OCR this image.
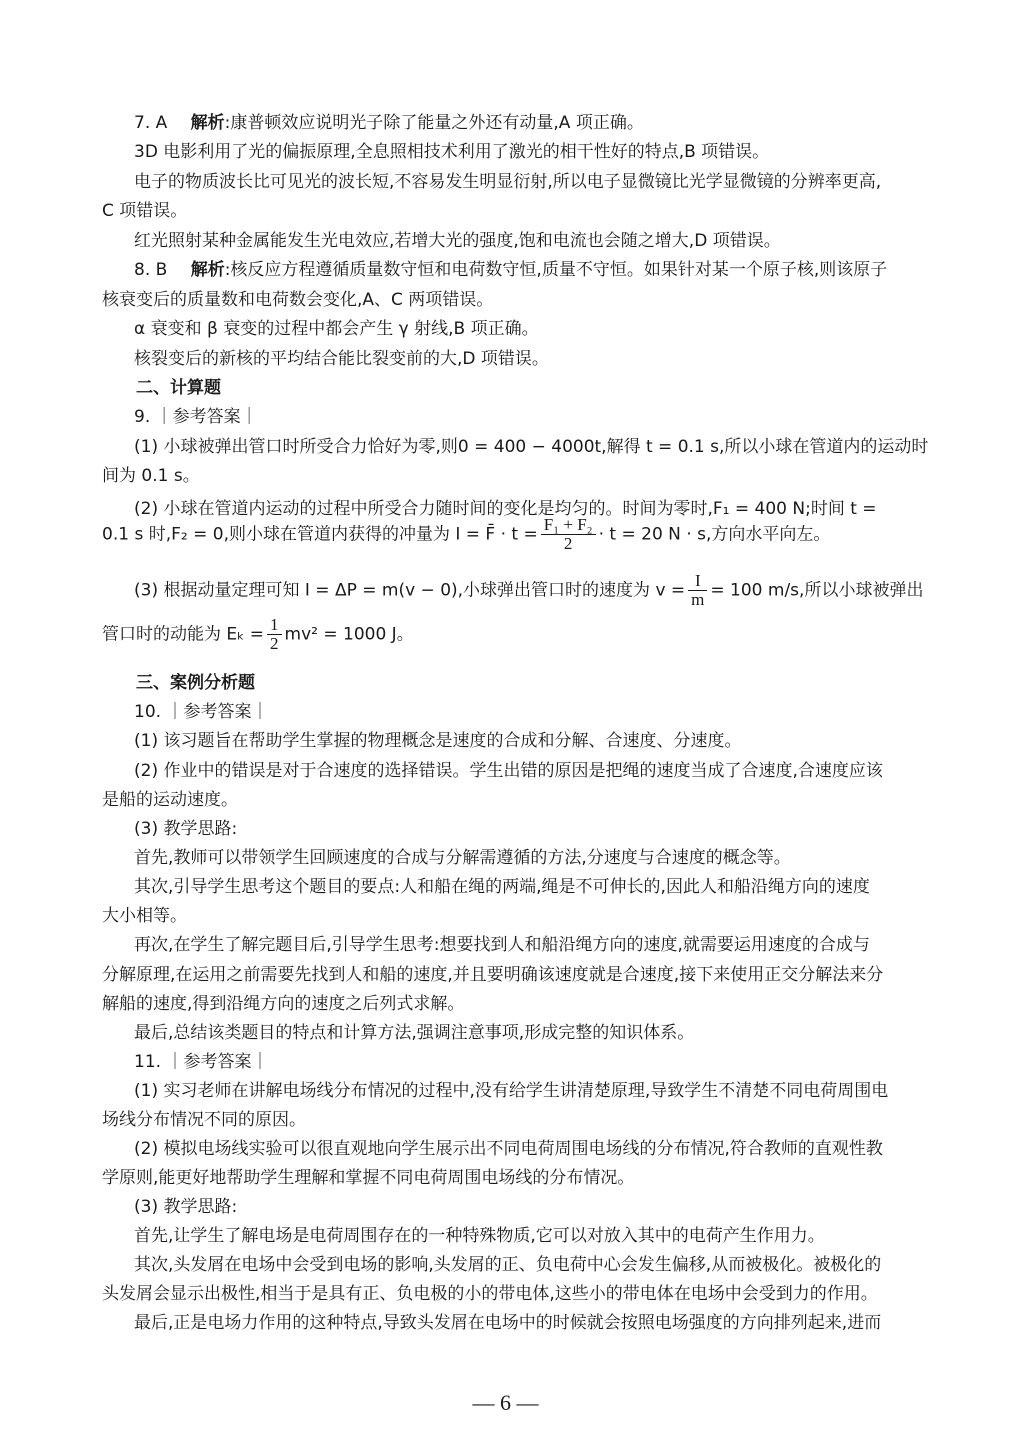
7. A 解析:康普顿效应说明光子除了能量之外还有动量,A 项正确。
3D 电影利用了光的偏振原理,全息照相技术利用了激光的相干性好的特点,B 项错误。
电子的物质波长比可见光的波长短,不容易发生明显衍射,所以电子显微镜比光学显微镜的分辨率更高,
C 项错误。
红光照射某种金属能发生光电效应,若增大光的强度,饱和电流也会随之增大,D 项错误。
8. B 解析:核反应方程遵循质量数守恒和电荷数守恒,质量不守恒。如果针对某一个原子核,则该原子
核衰变后的质量数和电荷数会变化,A、C 两项错误。
α 衰变和 β 衰变的过程中都会产生 γ 射线,B 项正确。
核裂变后的新核的平均结合能比裂变前的大,D 项错误。
二、计算题
9. ｜参考答案｜
(1) 小球被弹出管口时所受合力恰好为零,则0 = 400 − 4000t,解得 t = 0.1 s,所以小球在管道内的运动时
间为 0.1 s。
(2) 小球在管道内运动的过程中所受合力随时间的变化是均匀的。时间为零时,F₁ = 400 N;时间 t =
0.1 s 时,F₂ = 0,则小球在管道内获得的冲量为 I = F̄ · $t = \frac{\text{F₁ + F₂}}{2} \cdot t = 20$ N · s,方向水平向左。
(3) 根据动量定理可知 I = ΔP = m(v − 0),小球弹出管口时的速度为 $v = \frac{I}{m} = 100$ m/s,所以小球被弹出
管口时的动能为 $E_k = \frac{1}{2} mv^2 = 1000$ J。
三、案例分析题
10. ｜参考答案｜
(1) 该习题旨在帮助学生掌握的物理概念是速度的合成和分解、合速度、分速度。
(2) 作业中的错误是对于合速度的选择错误。学生出错的原因是把绳的速度当成了合速度,合速度应该
是船的运动速度。
(3) 教学思路:
首先,教师可以带领学生回顾速度的合成与分解需遵循的方法,分速度与合速度的概念等。
其次,引导学生思考这个题目的要点:人和船在绳的两端,绳是不可伸长的,因此人和船沿绳方向的速度
大小相等。
再次,在学生了解完题目后,引导学生思考:想要找到人和船沿绳方向的速度,就需要运用速度的合成与
分解原理,在运用之前需要先找到人和船的速度,并且要明确该速度就是合速度,接下来使用正交分解法来分
解船的速度,得到沿绳方向的速度之后列式求解。
最后,总结该类题目的特点和计算方法,强调注意事项,形成完整的知识体系。
11. ｜参考答案｜
(1) 实习老师在讲解电场线分布情况的过程中,没有给学生讲清楚原理,导致学生不清楚不同电荷周围电
场线分布情况不同的原因。
(2) 模拟电场线实验可以很直观地向学生展示出不同电荷周围电场线的分布情况,符合教师的直观性教
学原则,能更好地帮助学生理解和掌握不同电荷周围电场线的分布情况。
(3) 教学思路:
首先,让学生了解电场是电荷周围存在的一种特殊物质,它可以对放入其中的电荷产生作用力。
其次,头发屑在电场中会受到电场的影响,头发屑的正、负电荷中心会发生偏移,从而被极化。被极化的
头发屑会显示出极性,相当于是具有正、负电极的小的带电体,这些小的带电体在电场中会受到力的作用。
最后,正是电场力作用的这种特点,导致头发屑在电场中的时候就会按照电场强度的方向排列起来,进而
— 6 —
